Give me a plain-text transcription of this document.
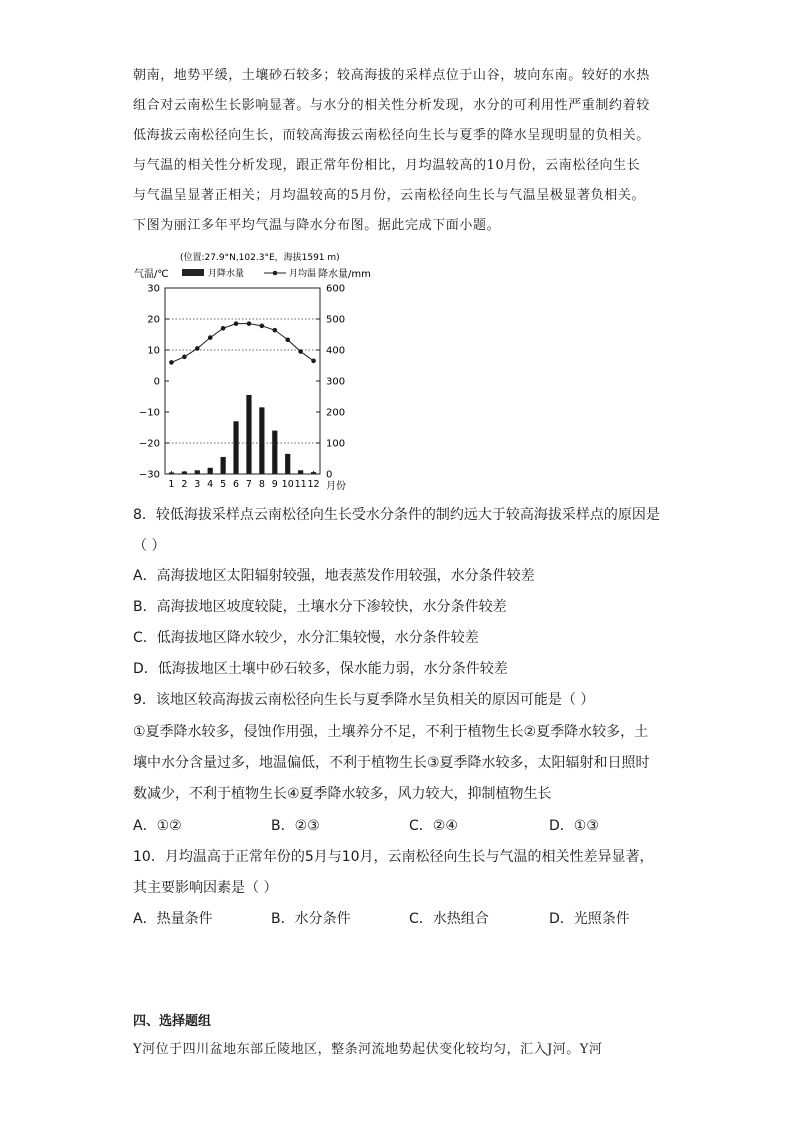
朝南，地势平缓，土壤砂石较多；较高海拔的采样点位于山谷，坡向东南。较好的水热

组合对云南松生长影响显著。与水分的相关性分析发现，水分的可利用性严重制约着较

低海拔云南松径向生长，而较高海拔云南松径向生长与夏季的降水呈现明显的负相关。

与气温的相关性分析发现，跟正常年份相比，月均温较高的10月份，云南松径向生长

与气温呈显著正相关；月均温较高的5月份，云南松径向生长与气温呈极显著负相关。

下图为丽江多年平均气温与降水分布图。据此完成下面小题。

(位置:27.9°N,102.3°E，海拔1591 m)
月降水量	月均温
气温/℃	降水量/mm
30
20
10
0
−10
−20
−30
600
500
400
300
200
100
0
1 2 3 4 5 6 7 8 9 10 11 12 月份
8．较低海拔采样点云南松径向生长受水分条件的制约远大于较高海拔采样点的原因是
（ ）
A．高海拔地区太阳辐射较强，地表蒸发作用较强，水分条件较差
B．高海拔地区坡度较陡，土壤水分下渗较快，水分条件较差
C．低海拔地区降水较少，水分汇集较慢，水分条件较差
D．低海拔地区土壤中砂石较多，保水能力弱，水分条件较差
9．该地区较高海拔云南松径向生长与夏季降水呈负相关的原因可能是（ ）
①夏季降水较多，侵蚀作用强，土壤养分不足，不利于植物生长②夏季降水较多，土
壤中水分含量过多，地温偏低，不利于植物生长③夏季降水较多，太阳辐射和日照时
数减少，不利于植物生长④夏季降水较多，风力较大，抑制植物生长
A．①②	B．②③	C．②④	D．①③
10．月均温高于正常年份的5月与10月，云南松径向生长与气温的相关性差异显著，
其主要影响因素是（ ）
A．热量条件	B．水分条件	C．水热组合	D．光照条件
四、选择题组
Y河位于四川盆地东部丘陵地区，整条河流地势起伏变化较均匀，汇入J河。Y河
